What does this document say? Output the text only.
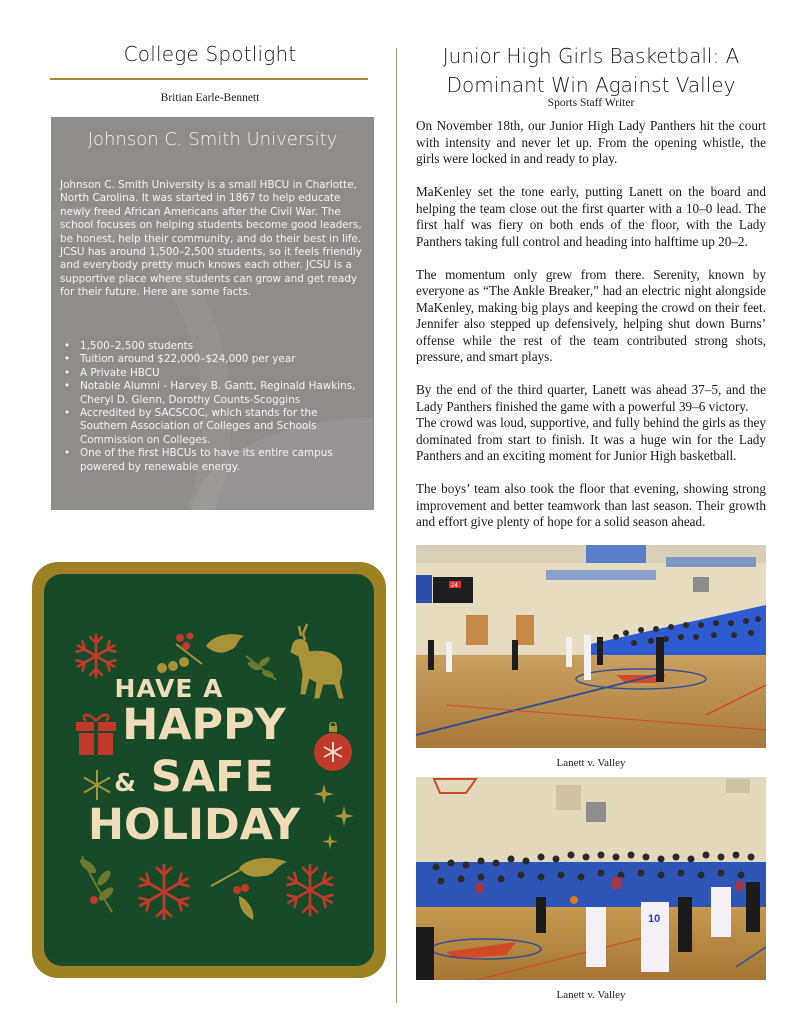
College Spotlight
Britian Earle-Bennett
Johnson C. Smith University
Johnson C. Smith University is a small HBCU in Charlotte, North Carolina. It was started in 1867 to help educate newly freed African Americans after the Civil War. The school focuses on helping students become good leaders, be honest, help their community, and do their best in life. JCSU has around 1,500–2,500 students, so it feels friendly and everybody pretty much knows each other. JCSU is a supportive place where students can grow and get ready for their future. Here are some facts.
• 1,500–2,500 students
• Tuition around $22,000–$24,000 per year
• A Private HBCU
• Notable Alumni - Harvey B. Gantt, Reginald Hawkins, Cheryl D. Glenn, Dorothy Counts-Scoggins
• Accredited by SACSCOC, which stands for the Southern Association of Colleges and Schools Commission on Colleges.
• One of the first HBCUs to have its entire campus powered by renewable energy.
HAVE A
HAPPY
& SAFE
HOLIDAY
Junior High Girls Basketball: A Dominant Win Against Valley
Sports Staff Writer

On November 18th, our Junior High Lady Panthers hit the court with intensity and never let up. From the opening whistle, the girls were locked in and ready to play.

MaKenley set the tone early, putting Lanett on the board and helping the team close out the first quarter with a 10–0 lead. The first half was fiery on both ends of the floor, with the Lady Panthers taking full control and heading into halftime up 20–2.

The momentum only grew from there. Serenity, known by everyone as “The Ankle Breaker,” had an electric night alongside MaKenley, making big plays and keeping the crowd on their feet. Jennifer also stepped up defensively, helping shut down Burns’ offense while the rest of the team contributed strong shots, pressure, and smart plays.

By the end of the third quarter, Lanett was ahead 37–5, and the Lady Panthers finished the game with a powerful 39–6 victory.

The crowd was loud, supportive, and fully behind the girls as they dominated from start to finish. It was a huge win for the Lady Panthers and an exciting moment for Junior High basketball.

The boys’ team also took the floor that evening, showing strong improvement and better teamwork than last season. Their growth and effort give plenty of hope for a solid season ahead.

24
Lanett v. Valley
10
Lanett v. Valley
